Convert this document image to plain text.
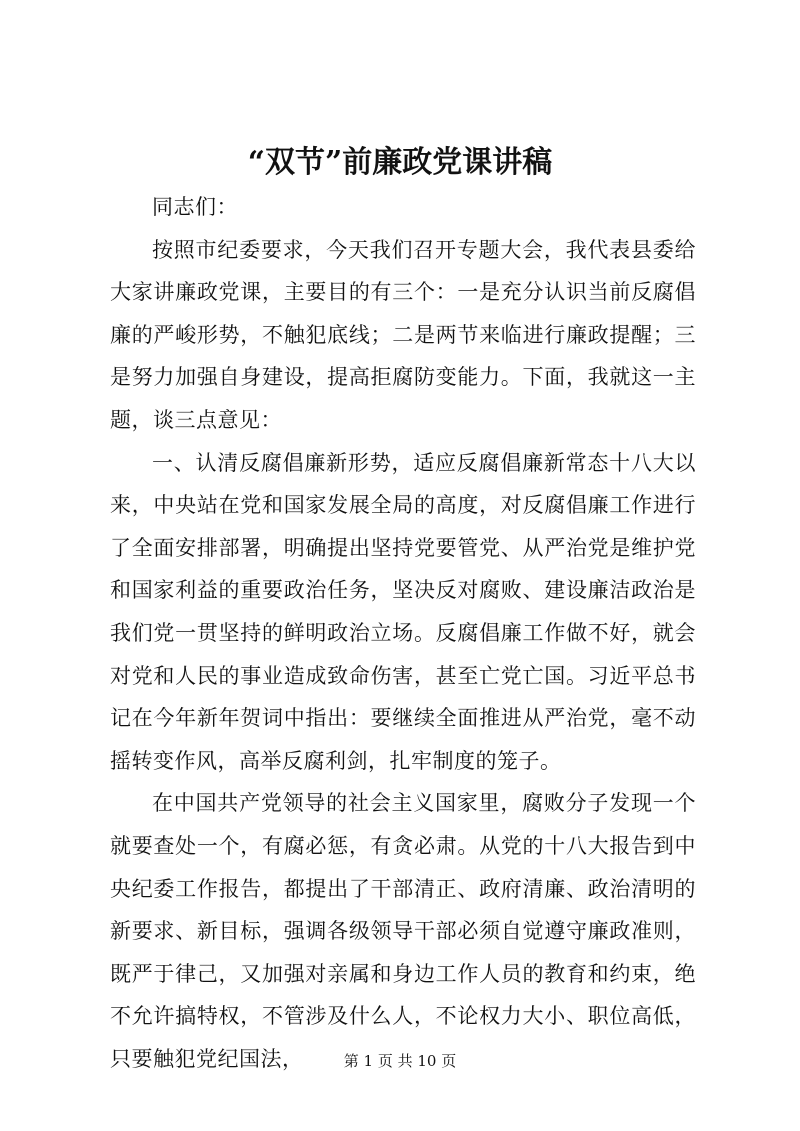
“双节”前廉政党课讲稿

同志们：

按照市纪委要求，今天我们召开专题大会，我代表县委给大家讲廉政党课，主要目的有三个：一是充分认识当前反腐倡廉的严峻形势，不触犯底线；二是两节来临进行廉政提醒；三是努力加强自身建设，提高拒腐防变能力。下面，我就这一主题，谈三点意见：

一、认清反腐倡廉新形势，适应反腐倡廉新常态十八大以来，中央站在党和国家发展全局的高度，对反腐倡廉工作进行了全面安排部署，明确提出坚持党要管党、从严治党是维护党和国家利益的重要政治任务，坚决反对腐败、建设廉洁政治是我们党一贯坚持的鲜明政治立场。反腐倡廉工作做不好，就会对党和人民的事业造成致命伤害，甚至亡党亡国。习近平总书记在今年新年贺词中指出：要继续全面推进从严治党，毫不动摇转变作风，高举反腐利剑，扎牢制度的笼子。

在中国共产党领导的社会主义国家里，腐败分子发现一个就要查处一个，有腐必惩，有贪必肃。从党的十八大报告到中央纪委工作报告，都提出了干部清正、政府清廉、政治清明的新要求、新目标，强调各级领导干部必须自觉遵守廉政准则，既严于律己，又加强对亲属和身边工作人员的教育和约束，绝不允许搞特权，不管涉及什么人，不论权力大小、职位高低，只要触犯党纪国法，	第 1 页 共 10 页
